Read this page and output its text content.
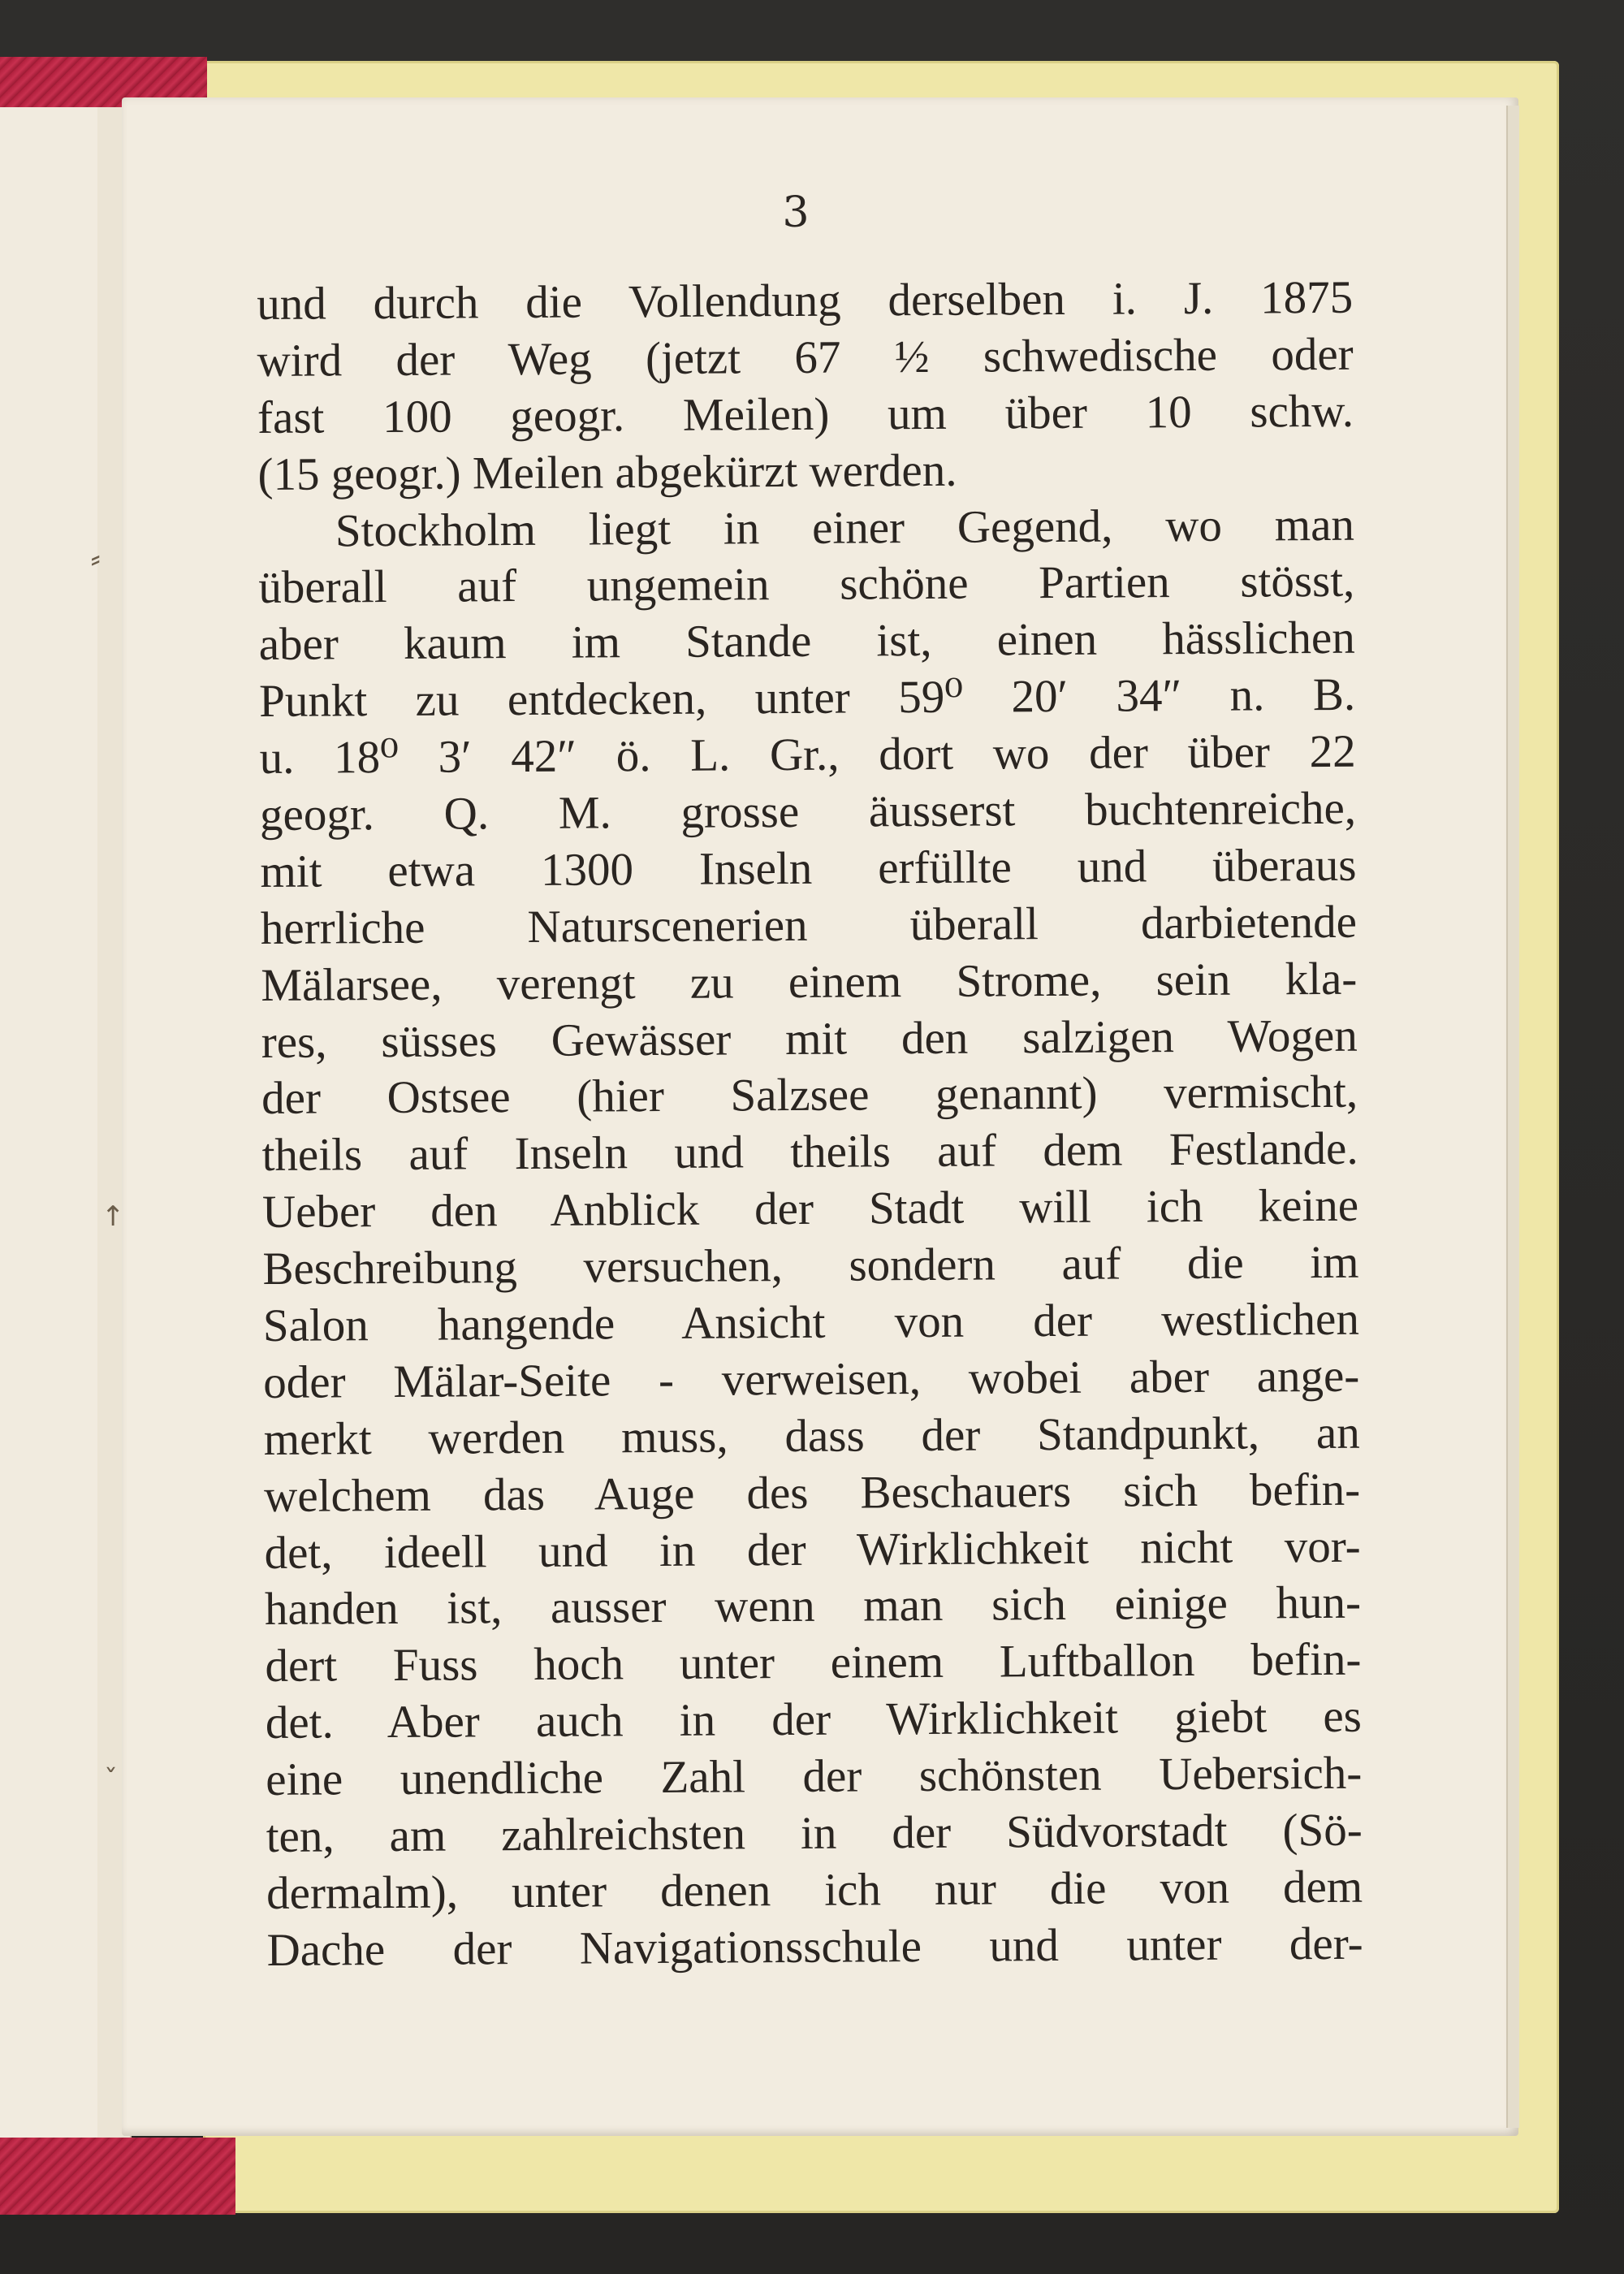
3
⸗
↑
ˇ
und durch die Vollendung derselben i. J. 1875
wird der Weg (jetzt 67 ½ schwedische oder
fast 100 geogr. Meilen) um über 10 schw.
(15 geogr.) Meilen abgekürzt werden.
Stockholm liegt in einer Gegend, wo man
überall auf ungemein schöne Partien stösst,
aber kaum im Stande ist, einen hässlichen
Punkt zu entdecken, unter 59⁰ 20′ 34″ n. B.
u. 18⁰ 3′ 42″ ö. L. Gr., dort wo der über 22
geogr. Q. M. grosse äusserst buchtenreiche,
mit etwa 1300 Inseln erfüllte und überaus
herrliche Naturscenerien überall darbietende
Mälarsee, verengt zu einem Strome, sein kla-
res, süsses Gewässer mit den salzigen Wogen
der Ostsee (hier Salzsee genannt) vermischt,
theils auf Inseln und theils auf dem Festlande.
Ueber den Anblick der Stadt will ich keine
Beschreibung versuchen, sondern auf die im
Salon hangende Ansicht von der westlichen
oder Mälar-Seite - verweisen, wobei aber ange-
merkt werden muss, dass der Standpunkt, an
welchem das Auge des Beschauers sich befin-
det, ideell und in der Wirklichkeit nicht vor-
handen ist, ausser wenn man sich einige hun-
dert Fuss hoch unter einem Luftballon befin-
det. Aber auch in der Wirklichkeit giebt es
eine unendliche Zahl der schönsten Uebersich-
ten, am zahlreichsten in der Südvorstadt (Sö-
dermalm), unter denen ich nur die von dem
Dache der Navigationsschule und unter der-
